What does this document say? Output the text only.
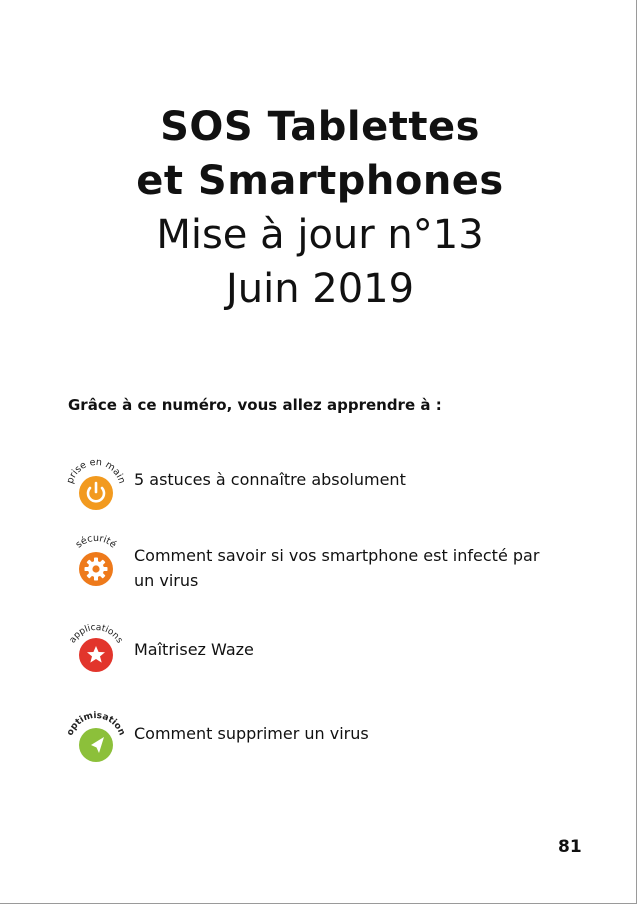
SOS Tablettes
et Smartphones
Mise à jour n°13
Juin 2019
Grâce à ce numéro, vous allez apprendre à :
prise en main 5 astuces à connaître absolument
sécurité
Comment savoir si vos smartphone est infecté par un virus
applications Maîtrisez Waze
optimisation Comment supprimer un virus
81
